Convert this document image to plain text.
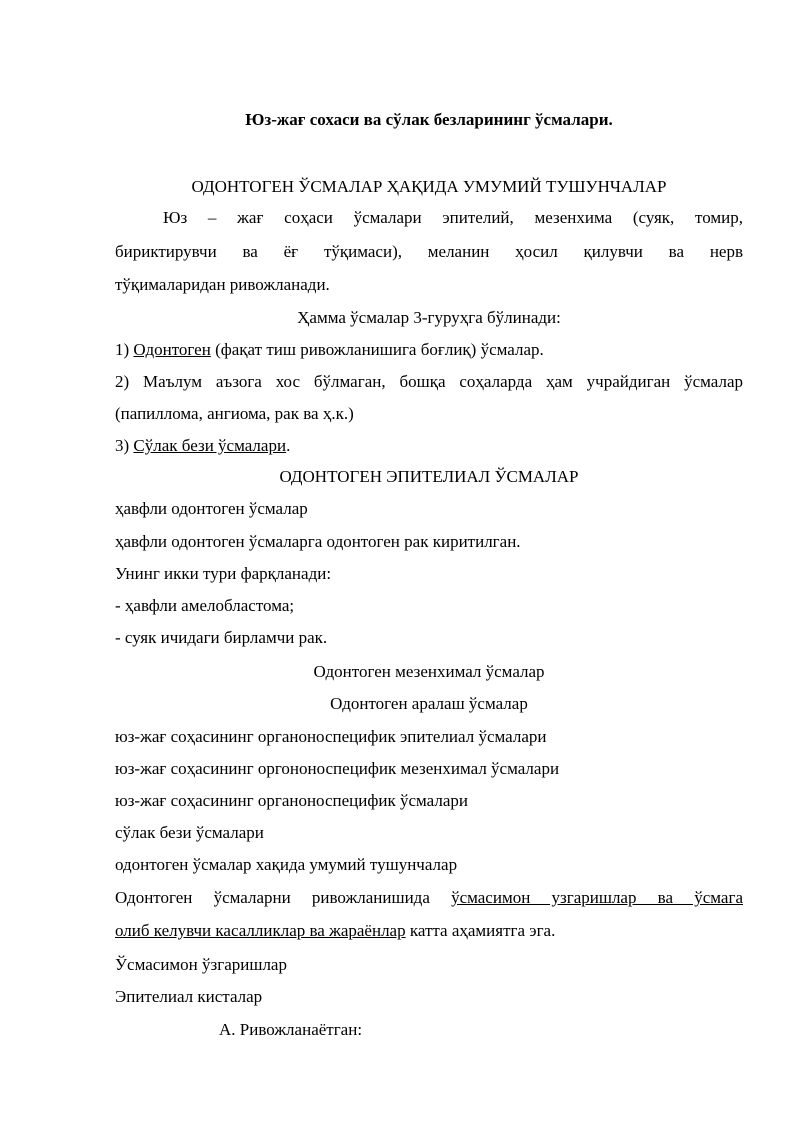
Юз-жағ сохаси ва сўлак безларининг ўсмалари.
ОДОНТОГЕН ЎСМАЛАР ҲАҚИДА УМУМИЙ ТУШУНЧАЛАР
Юз – жағ соҳаси ўсмалари эпителий, мезенхима (суяк, томир,
бириктирувчи ва ёғ тўқимаси), меланин ҳосил қилувчи ва нерв
тўқималаридан ривожланади.
Ҳамма ўсмалар 3-гуруҳга бўлинади:
1) Одонтоген (фақат тиш ривожланишига боғлиқ) ўсмалар.
2) Маълум аъзога хос бўлмаган, бошқа соҳаларда ҳам учрайдиган ўсмалар
(папиллома, ангиома, рак ва ҳ.к.)
3) Сўлак бези ўсмалари.
ОДОНТОГЕН ЭПИТЕЛИАЛ ЎСМАЛАР
ҳавфли одонтоген ўсмалар
ҳавфли одонтоген ўсмаларга одонтоген рак киритилган.
Унинг икки тури фарқланади:
- ҳавфли амелобластома;
- суяк ичидаги бирламчи рак.
Одонтоген мезенхимал ўсмалар
Одонтоген аралаш ўсмалар
юз-жағ соҳасининг органоноспецифик эпителиал ўсмалари
юз-жағ соҳасининг оргононоспецифик мезенхимал ўсмалари
юз-жағ соҳасининг органоноспецифик ўсмалари
сўлак бези ўсмалари
одонтоген ўсмалар хақида умумий тушунчалар
Одонтоген ўсмаларни ривожланишида ўсмасимон узгаришлар ва ўсмага
олиб келувчи касалликлар ва жараёнлар катта аҳамиятга эга.
Ўсмасимон ўзгаришлар
Эпителиал кисталар
А. Ривожланаётган:
